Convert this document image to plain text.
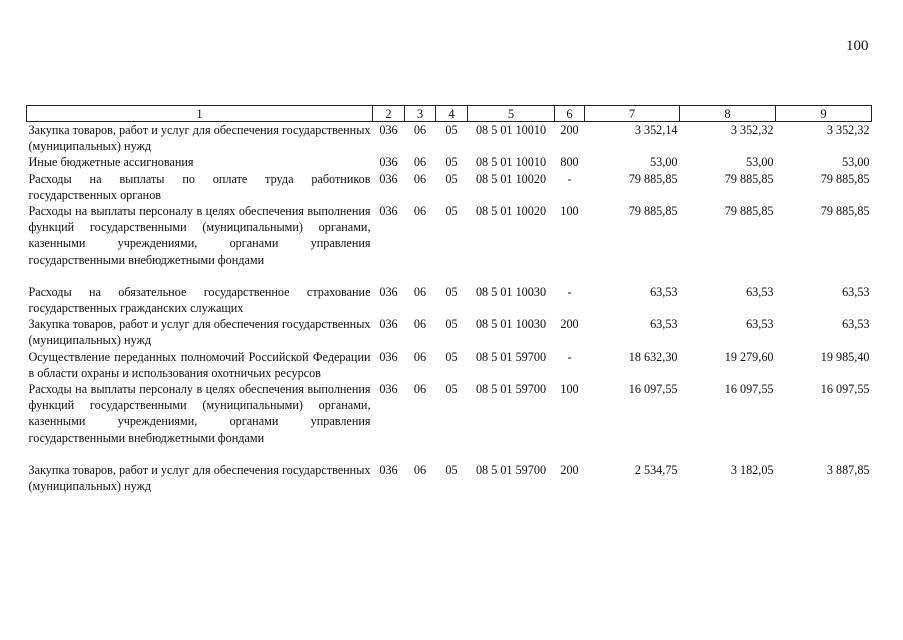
100
1	2	3	4	5	6	7	8	9
Закупка товаров, работ и услуг для обеспечения государственных (муниципальных) нужд	036	06	05	08 5 01 10010	200	3 352,14	3 352,32	3 352,32
Иные бюджетные ассигнования	036	06	05	08 5 01 10010	800	53,00	53,00	53,00
Расходы на выплаты по оплате труда работников государственных органов	036	06	05	08 5 01 10020	-	79 885,85	79 885,85	79 885,85
Расходы на выплаты персоналу в целях обеспечения выполнения функций государственными (муниципальными) органами, казенными учреждениями, органами управления государственными внебюджетными фондами	036	06	05	08 5 01 10020	100	79 885,85	79 885,85	79 885,85

Расходы на обязательное государственное страхование государственных гражданских служащих	036	06	05	08 5 01 10030	-	63,53	63,53	63,53
Закупка товаров, работ и услуг для обеспечения государственных (муниципальных) нужд	036	06	05	08 5 01 10030	200	63,53	63,53	63,53
Осуществление переданных полномочий Российской Федерации в области охраны и использования охотничьих ресурсов	036	06	05	08 5 01 59700	-	18 632,30	19 279,60	19 985,40
Расходы на выплаты персоналу в целях обеспечения выполнения функций государственными (муниципальными) органами, казенными учреждениями, органами управления государственными внебюджетными фондами	036	06	05	08 5 01 59700	100	16 097,55	16 097,55	16 097,55

Закупка товаров, работ и услуг для обеспечения государственных (муниципальных) нужд	036	06	05	08 5 01 59700	200	2 534,75	3 182,05	3 887,85
